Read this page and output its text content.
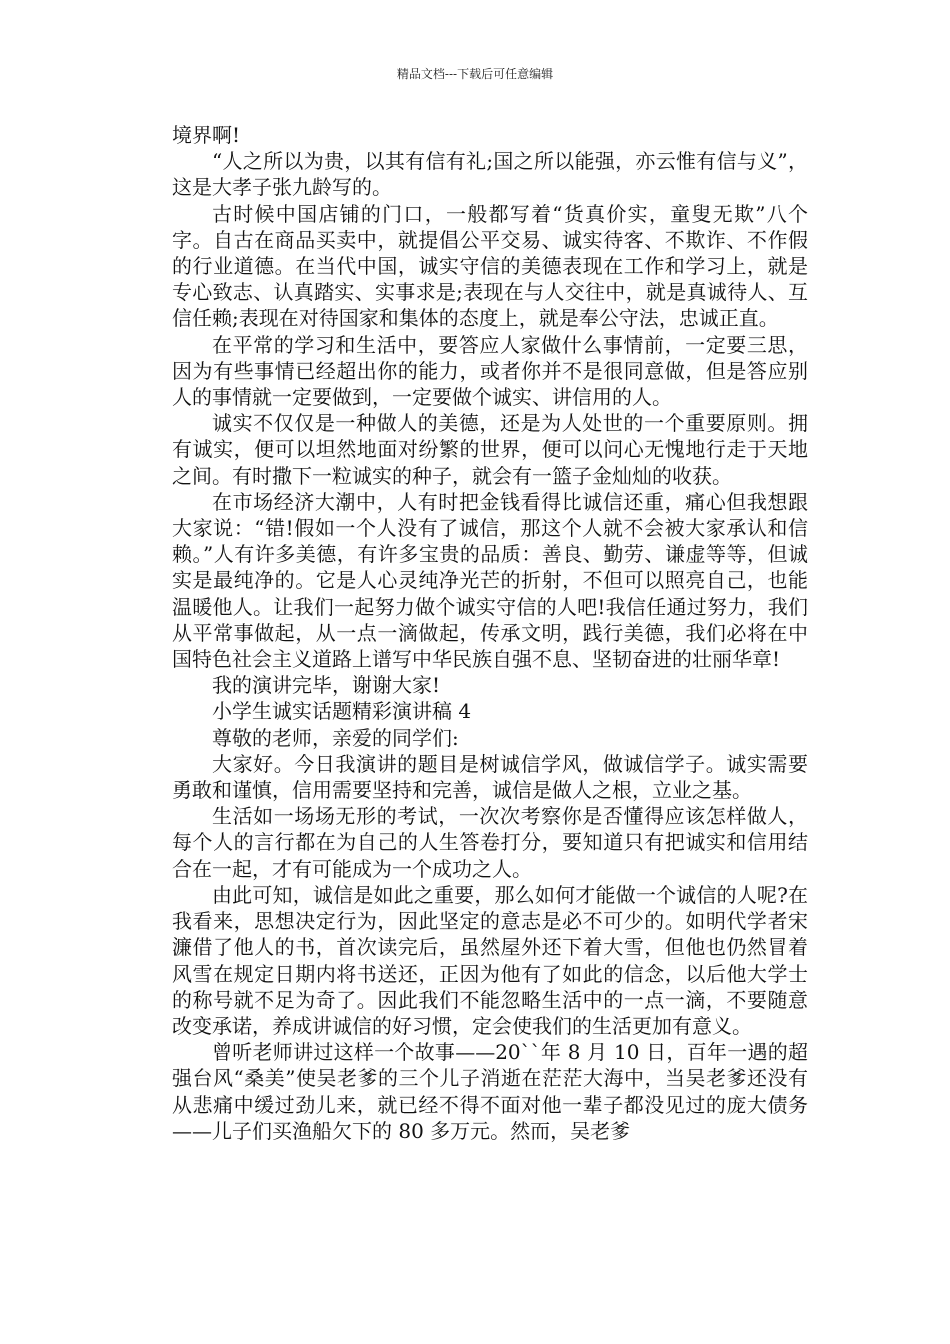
精品文档---下载后可任意编辑

境界啊!

“人之所以为贵，以其有信有礼;国之所以能强，亦云惟有信与义”，这是大孝子张九龄写的。

古时候中国店铺的门口，一般都写着“货真价实，童叟无欺”八个字。自古在商品买卖中，就提倡公平交易、诚实待客、不欺诈、不作假的行业道德。在当代中国，诚实守信的美德表现在工作和学习上，就是专心致志、认真踏实、实事求是;表现在与人交往中，就是真诚待人、互信任赖;表现在对待国家和集体的态度上，就是奉公守法，忠诚正直。

在平常的学习和生活中，要答应人家做什么事情前，一定要三思，因为有些事情已经超出你的能力，或者你并不是很同意做，但是答应别人的事情就一定要做到，一定要做个诚实、讲信用的人。

诚实不仅仅是一种做人的美德，还是为人处世的一个重要原则。拥有诚实，便可以坦然地面对纷繁的世界，便可以问心无愧地行走于天地之间。有时撒下一粒诚实的种子，就会有一篮子金灿灿的收获。

在市场经济大潮中，人有时把金钱看得比诚信还重，痛心但我想跟大家说：“错!假如一个人没有了诚信，那这个人就不会被大家承认和信赖。”人有许多美德，有许多宝贵的品质：善良、勤劳、谦虚等等，但诚实是最纯净的。它是人心灵纯净光芒的折射，不但可以照亮自己，也能温暖他人。让我们一起努力做个诚实守信的人吧!我信任通过努力，我们从平常事做起，从一点一滴做起，传承文明，践行美德，我们必将在中国特色社会主义道路上谱写中华民族自强不息、坚韧奋进的壮丽华章!

我的演讲完毕，谢谢大家!

小学生诚实话题精彩演讲稿 4

尊敬的老师，亲爱的同学们:

大家好。今日我演讲的题目是树诚信学风，做诚信学子。诚实需要勇敢和谨慎，信用需要坚持和完善，诚信是做人之根，立业之基。

生活如一场场无形的考试，一次次考察你是否懂得应该怎样做人，每个人的言行都在为自己的人生答卷打分，要知道只有把诚实和信用结合在一起，才有可能成为一个成功之人。

由此可知，诚信是如此之重要，那么如何才能做一个诚信的人呢?在我看来，思想决定行为，因此坚定的意志是必不可少的。如明代学者宋濂借了他人的书，首次读完后，虽然屋外还下着大雪，但他也仍然冒着风雪在规定日期内将书送还，正因为他有了如此的信念，以后他大学士的称号就不足为奇了。因此我们不能忽略生活中的一点一滴，不要随意改变承诺，养成讲诚信的好习惯，定会使我们的生活更加有意义。

曾听老师讲过这样一个故事——20``年 8 月 10 日，百年一遇的超强台风“桑美”使吴老爹的三个儿子消逝在茫茫大海中，当吴老爹还没有从悲痛中缓过劲儿来，就已经不得不面对他一辈子都没见过的庞大债务——儿子们买渔船欠下的 80 多万元。然而，吴老爹
